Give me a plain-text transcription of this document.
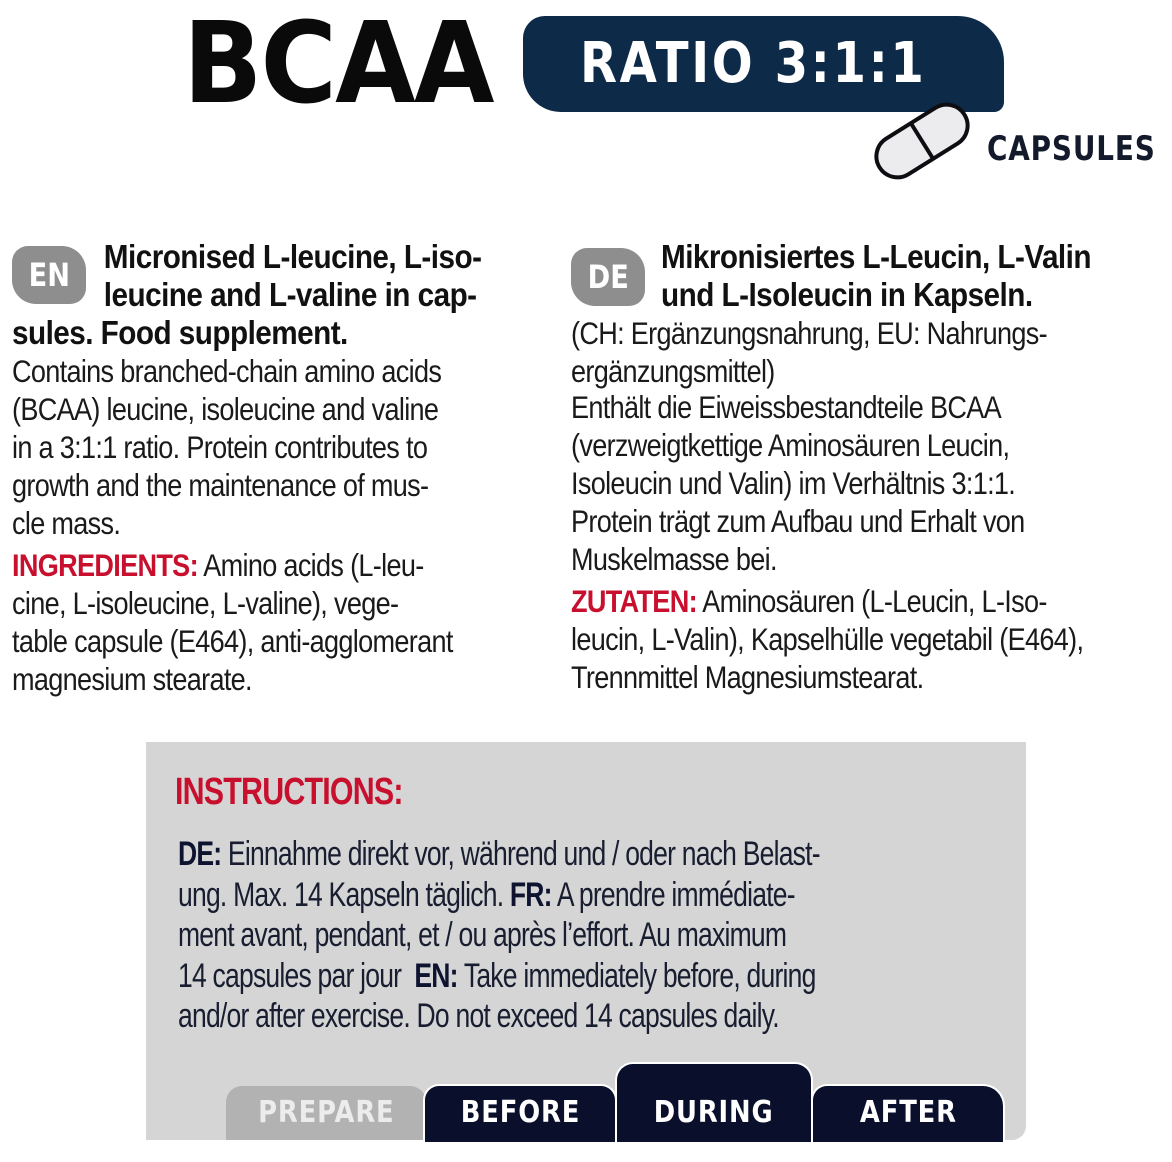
BCAA RATIO 3:1:1
CAPSULES
EN	Micronised L-leucine, L-iso-
leucine and L-valine in cap-
sules. Food supplement.
Contains branched-chain amino acids
(BCAA) leucine, isoleucine and valine
in a 3:1:1 ratio. Protein contributes to
growth and the maintenance of mus-
cle mass.
INGREDIENTS: Amino acids (L-leu-
cine, L-isoleucine, L-valine), vege-
table capsule (E464), anti-agglomerant
magnesium stearate.
DE
Mikronisiertes L-Leucin, L-Valin
und L-Isoleucin in Kapseln.
(CH: Ergänzungsnahrung, EU: Nahrungs-
ergänzungsmittel)
Enthält die Eiweissbestandteile BCAA
(verzweigtkettige Aminosäuren Leucin,
Isoleucin und Valin) im Verhältnis 3:1:1.
Protein trägt zum Aufbau und Erhalt von
Muskelmasse bei.
ZUTATEN: Aminosäuren (L-Leucin, L-Iso-
leucin, L-Valin), Kapselhülle vegetabil (E464),
Trennmittel Magnesiumstearat.
INSTRUCTIONS:
DE: Einnahme direkt vor, während und / oder nach Belast-
ung. Max. 14 Kapseln täglich. FR: A prendre immédiate-
ment avant, pendant, et / ou après l’effort. Au maximum
14 capsules par jour  EN: Take immediately before, during
and/or after exercise. Do not exceed 14 capsules daily.
PREPARE	BEFORE	DURING	AFTER
